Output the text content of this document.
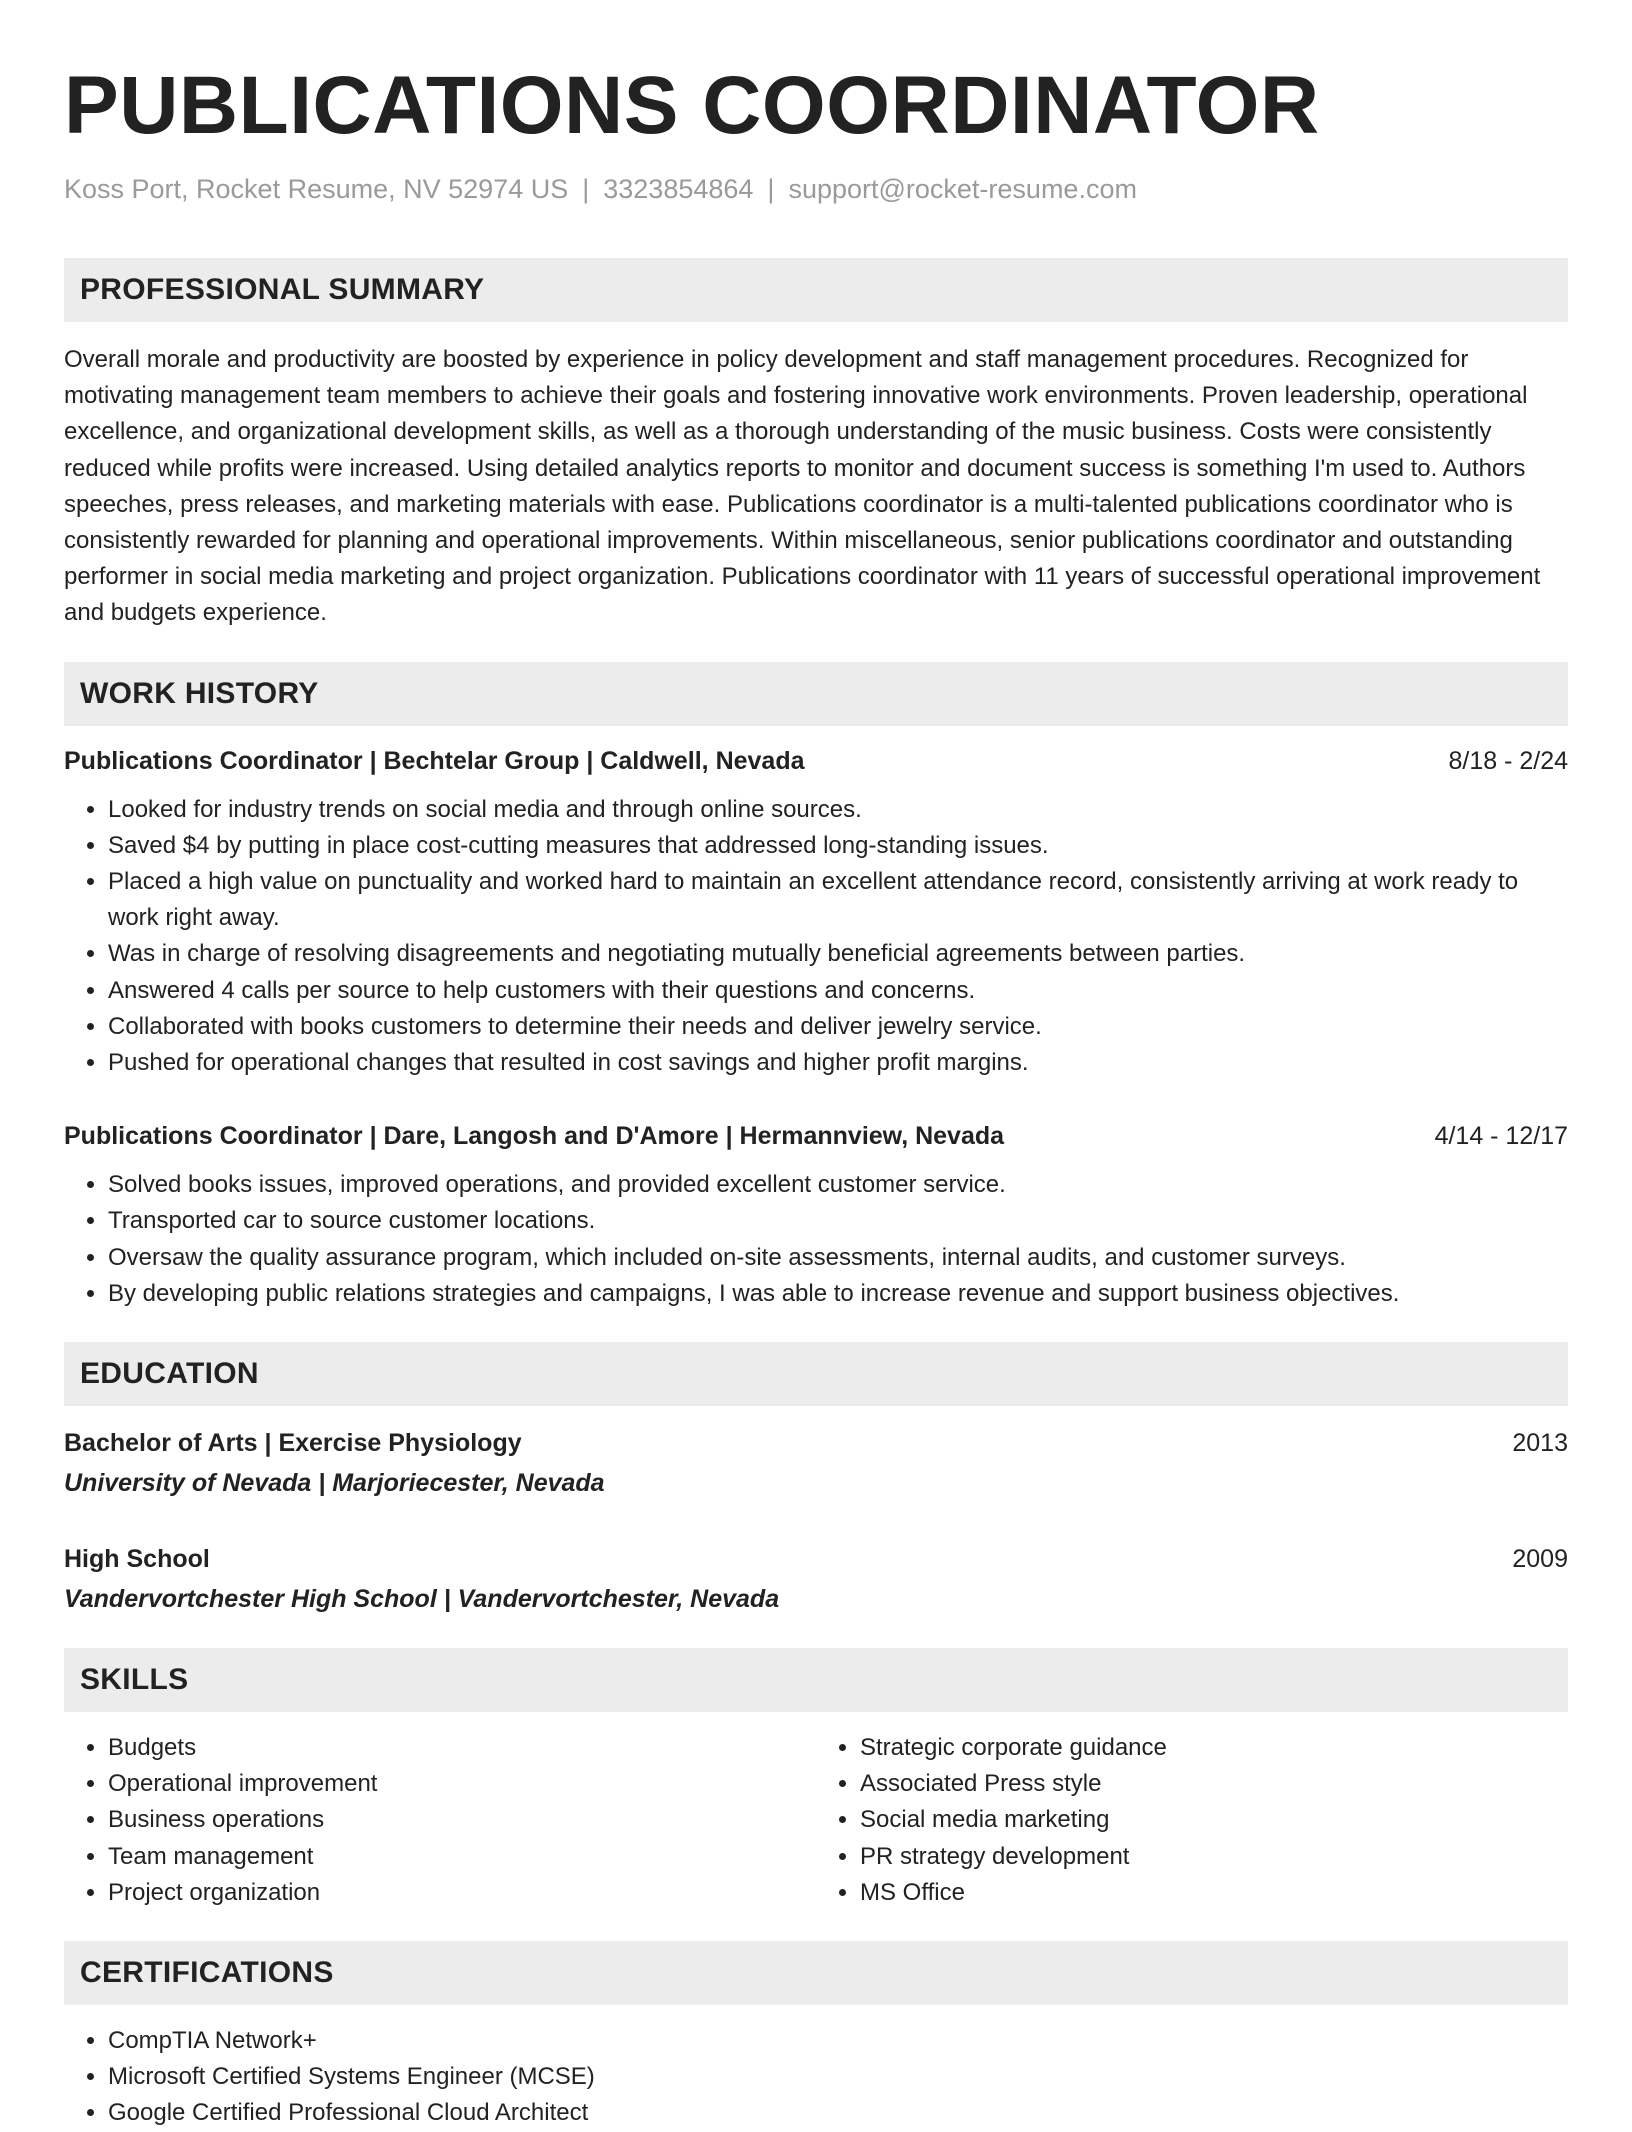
PUBLICATIONS COORDINATOR
Koss Port, Rocket Resume, NV 52974 US | 3323854864 | support@rocket-resume.com
PROFESSIONAL SUMMARY

Overall morale and productivity are boosted by experience in policy development and staff management procedures. Recognized for motivating management team members to achieve their goals and fostering innovative work environments. Proven leadership, operational excellence, and organizational development skills, as well as a thorough understanding of the music business. Costs were consistently reduced while profits were increased. Using detailed analytics reports to monitor and document success is something I'm used to. Authors speeches, press releases, and marketing materials with ease. Publications coordinator is a multi-talented publications coordinator who is consistently rewarded for planning and operational improvements. Within miscellaneous, senior publications coordinator and outstanding performer in social media marketing and project organization. Publications coordinator with 11 years of successful operational improvement and budgets experience.

WORK HISTORY
Publications Coordinator | Bechtelar Group | Caldwell, Nevada	8/18 - 2/24
• Looked for industry trends on social media and through online sources.
• Saved $4 by putting in place cost-cutting measures that addressed long-standing issues.
• Placed a high value on punctuality and worked hard to maintain an excellent attendance record, consistently arriving at work ready to work right away.
• Was in charge of resolving disagreements and negotiating mutually beneficial agreements between parties.
• Answered 4 calls per source to help customers with their questions and concerns.
• Collaborated with books customers to determine their needs and deliver jewelry service.
• Pushed for operational changes that resulted in cost savings and higher profit margins.
Publications Coordinator | Dare, Langosh and D'Amore | Hermannview, Nevada	4/14 - 12/17
• Solved books issues, improved operations, and provided excellent customer service.
• Transported car to source customer locations.
• Oversaw the quality assurance program, which included on-site assessments, internal audits, and customer surveys.
• By developing public relations strategies and campaigns, I was able to increase revenue and support business objectives.
EDUCATION
Bachelor of Arts | Exercise Physiology	2013
University of Nevada | Marjoriecester, Nevada
High School	2009
Vandervortchester High School | Vandervortchester, Nevada
SKILLS
• Budgets
• Operational improvement
• Business operations
• Team management
• Project organization
• Strategic corporate guidance
• Associated Press style
• Social media marketing
• PR strategy development
• MS Office
CERTIFICATIONS
• CompTIA Network+
• Microsoft Certified Systems Engineer (MCSE)
• Google Certified Professional Cloud Architect
